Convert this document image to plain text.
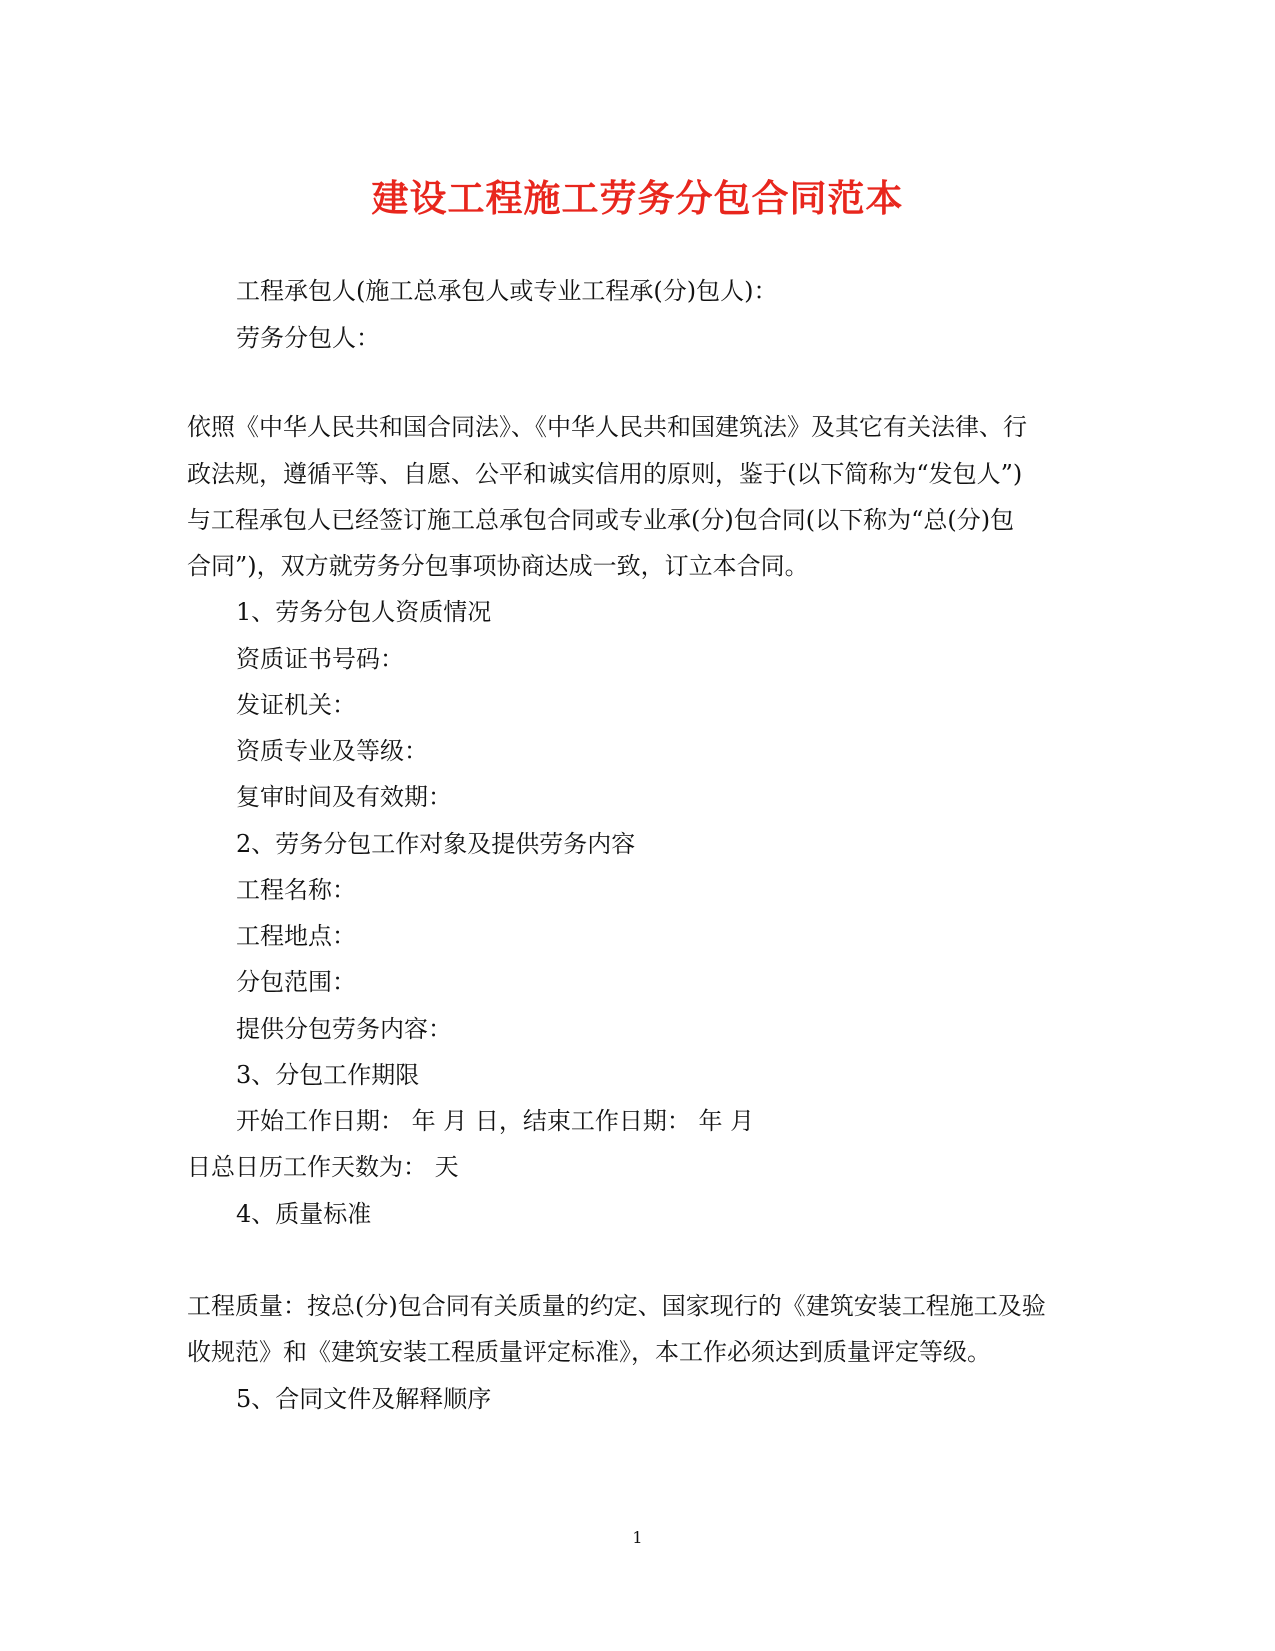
建设工程施工劳务分包合同范本
工程承包人(施工总承包人或专业工程承(分)包人)：
劳务分包人：
依照《中华人民共和国合同法》、《中华人民共和国建筑法》及其它有关法律、行
政法规，遵循平等、自愿、公平和诚实信用的原则，鉴于(以下简称为“发包人”)
与工程承包人已经签订施工总承包合同或专业承(分)包合同(以下称为“总(分)包
合同”)，双方就劳务分包事项协商达成一致，订立本合同。
1、劳务分包人资质情况
资质证书号码：
发证机关：
资质专业及等级：
复审时间及有效期：
2、劳务分包工作对象及提供劳务内容
工程名称：
工程地点：
分包范围：
提供分包劳务内容：
3、分包工作期限
开始工作日期： 年 月 日，结束工作日期： 年 月
日总日历工作天数为： 天
4、质量标准
工程质量：按总(分)包合同有关质量的约定、国家现行的《建筑安装工程施工及验
收规范》和《建筑安装工程质量评定标准》，本工作必须达到质量评定等级。
5、合同文件及解释顺序
1
